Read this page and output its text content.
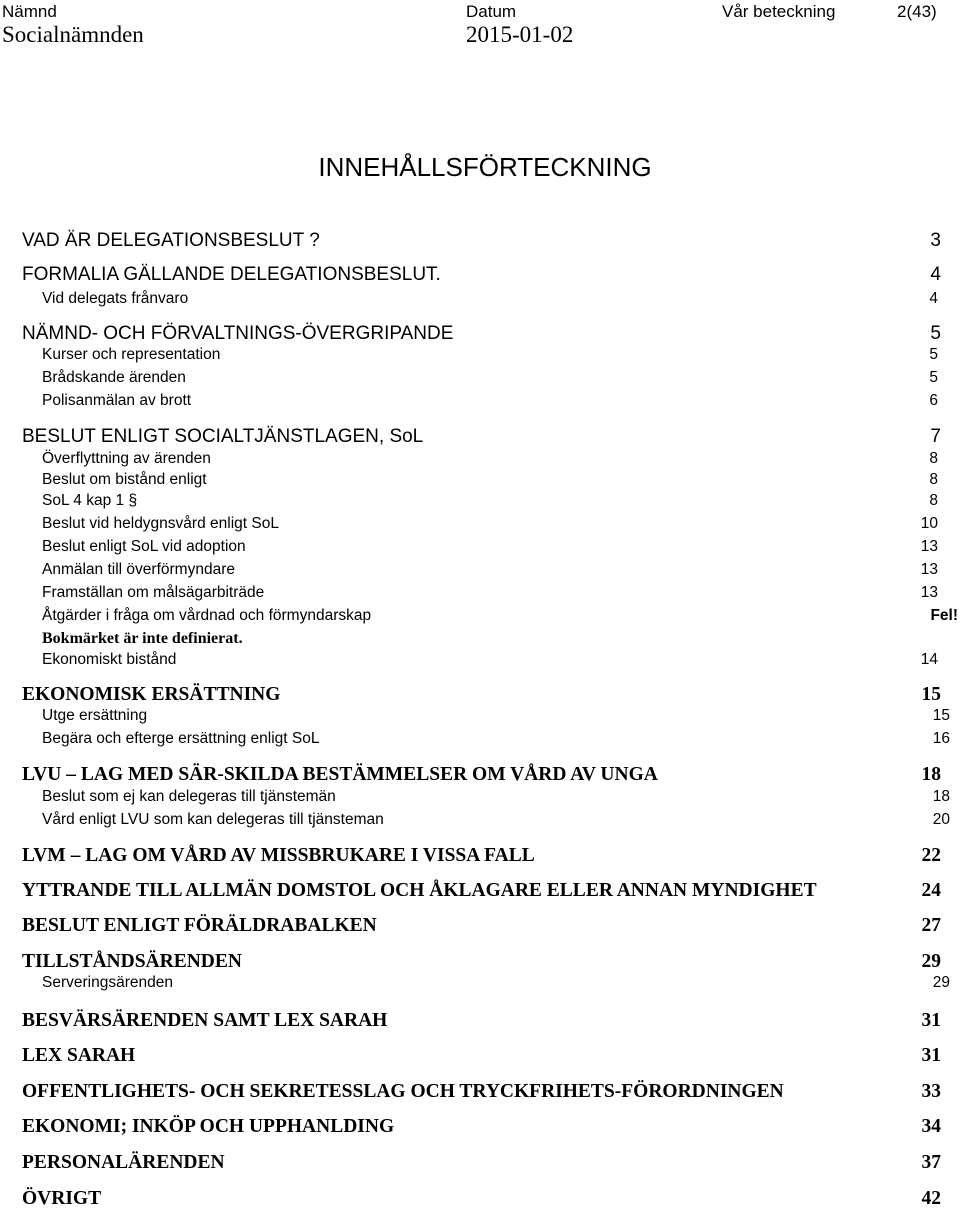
Nämnd	Datum	Vår beteckning	2(43)
Socialnämnden	2015-01-02
INNEHÅLLSFÖRTECKNING
VAD ÄR DELEGATIONSBESLUT ?	3
FORMALIA GÄLLANDE DELEGATIONSBESLUT.	4
Vid delegats frånvaro	4
NÄMND- OCH FÖRVALTNINGS-ÖVERGRIPANDE	5
Kurser och representation	5
Brådskande ärenden	5
Polisanmälan av brott	6
BESLUT ENLIGT SOCIALTJÄNSTLAGEN, SoL	7
Överflyttning av ärenden	8
Beslut om bistånd enligt	8
SoL 4 kap 1 §	8
Beslut vid heldygnsvård enligt SoL	10
Beslut enligt SoL vid adoption	13
Anmälan till överförmyndare	13
Framställan om målsägarbiträde	13
Åtgärder i fråga om vårdnad och förmyndarskap	Fel!
Bokmärket är inte definierat.
Ekonomiskt bistånd	14
EKONOMISK ERSÄTTNING	15
Utge ersättning	15
Begära och efterge ersättning enligt SoL	16
LVU – LAG MED SÄR-SKILDA BESTÄMMELSER OM VÅRD AV UNGA	18
Beslut som ej kan delegeras till tjänstemän	18
Vård enligt LVU som kan delegeras till tjänsteman	20
LVM – LAG OM VÅRD AV MISSBRUKARE I VISSA FALL	22
YTTRANDE TILL ALLMÄN DOMSTOL OCH ÅKLAGARE ELLER ANNAN MYNDIGHET	24
BESLUT ENLIGT FÖRÄLDRABALKEN	27
TILLSTÅNDSÄRENDEN	29
Serveringsärenden	29
BESVÄRSÄRENDEN SAMT LEX SARAH	31
LEX SARAH	31
OFFENTLIGHETS- OCH SEKRETESSLAG OCH TRYCKFRIHETS-FÖRORDNINGEN	33
EKONOMI; INKÖP OCH UPPHANLDING	34
PERSONALÄRENDEN	37
ÖVRIGT	42
